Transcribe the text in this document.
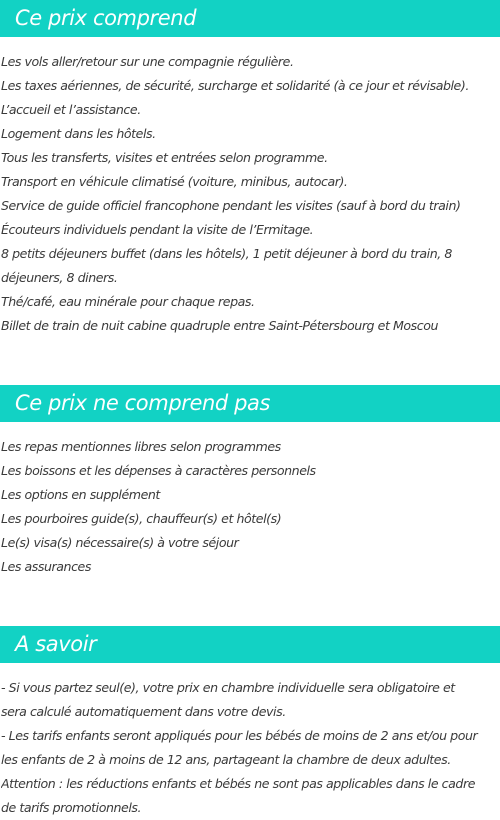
Ce prix comprend
Les vols aller/retour sur une compagnie régulière.
Les taxes aériennes, de sécurité, surcharge et solidarité (à ce jour et révisable).
L’accueil et l’assistance.
Logement dans les hôtels.
Tous les transferts, visites et entrées selon programme.
Transport en véhicule climatisé (voiture, minibus, autocar).
Service de guide officiel francophone pendant les visites (sauf à bord du train)
Écouteurs individuels pendant la visite de l’Ermitage.
8 petits déjeuners buffet (dans les hôtels), 1 petit déjeuner à bord du train, 8
déjeuners, 8 diners.
Thé/café, eau minérale pour chaque repas.
Billet de train de nuit cabine quadruple entre Saint-Pétersbourg et Moscou
Ce prix ne comprend pas
Les repas mentionnes libres selon programmes
Les boissons et les dépenses à caractères personnels
Les options en supplément
Les pourboires guide(s), chauffeur(s) et hôtel(s)
Le(s) visa(s) nécessaire(s) à votre séjour
Les assurances
A savoir
- Si vous partez seul(e), votre prix en chambre individuelle sera obligatoire et
sera calculé automatiquement dans votre devis.
- Les tarifs enfants seront appliqués pour les bébés de moins de 2 ans et/ou pour
les enfants de 2 à moins de 12 ans, partageant la chambre de deux adultes.
Attention : les réductions enfants et bébés ne sont pas applicables dans le cadre
de tarifs promotionnels.
